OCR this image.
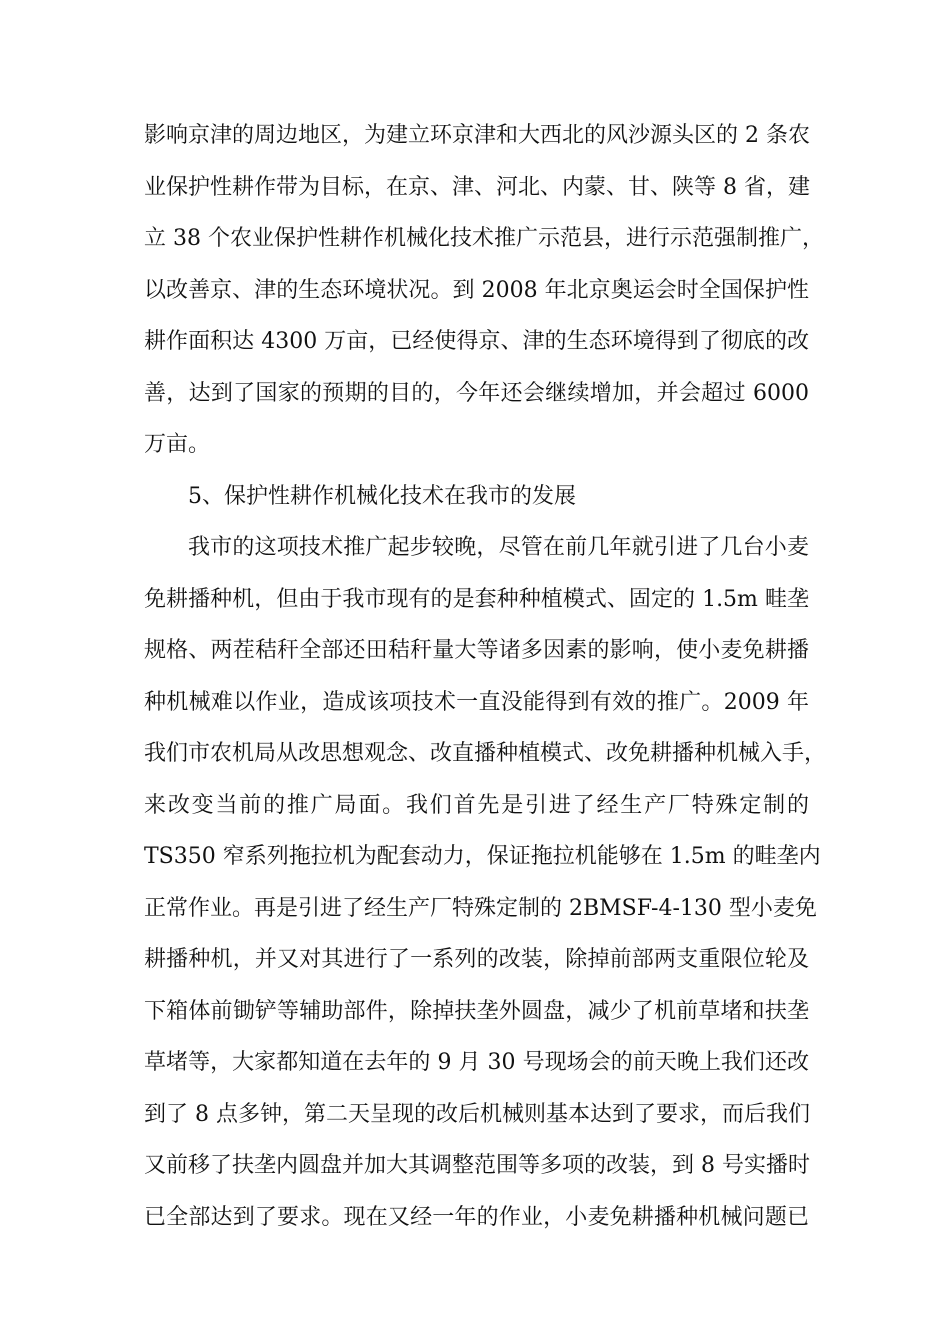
影响京津的周边地区，为建立环京津和大西北的风沙源头区的 2 条农
业保护性耕作带为目标，在京、津、河北、内蒙、甘、陕等 8 省，建
立 38 个农业保护性耕作机械化技术推广示范县，进行示范强制推广，
以改善京、津的生态环境状况。到 2008 年北京奥运会时全国保护性
耕作面积达 4300 万亩，已经使得京、津的生态环境得到了彻底的改
善，达到了国家的预期的目的，今年还会继续增加，并会超过 6000
万亩。
5、保护性耕作机械化技术在我市的发展
我市的这项技术推广起步较晚，尽管在前几年就引进了几台小麦
免耕播种机，但由于我市现有的是套种种植模式、固定的 1.5m 畦垄
规格、两茬秸秆全部还田秸秆量大等诸多因素的影响，使小麦免耕播
种机械难以作业，造成该项技术一直没能得到有效的推广。2009 年
我们市农机局从改思想观念、改直播种植模式、改免耕播种机械入手，
来改变当前的推广局面。我们首先是引进了经生产厂特殊定制的
TS350 窄系列拖拉机为配套动力，保证拖拉机能够在 1.5m 的畦垄内
正常作业。再是引进了经生产厂特殊定制的 2BMSF-4-130 型小麦免
耕播种机，并又对其进行了一系列的改装，除掉前部两支重限位轮及
下箱体前锄铲等辅助部件，除掉扶垄外圆盘，减少了机前草堵和扶垄
草堵等，大家都知道在去年的 9 月 30 号现场会的前天晚上我们还改
到了 8 点多钟，第二天呈现的改后机械则基本达到了要求，而后我们
又前移了扶垄内圆盘并加大其调整范围等多项的改装，到 8 号实播时
已全部达到了要求。现在又经一年的作业，小麦免耕播种机械问题已
